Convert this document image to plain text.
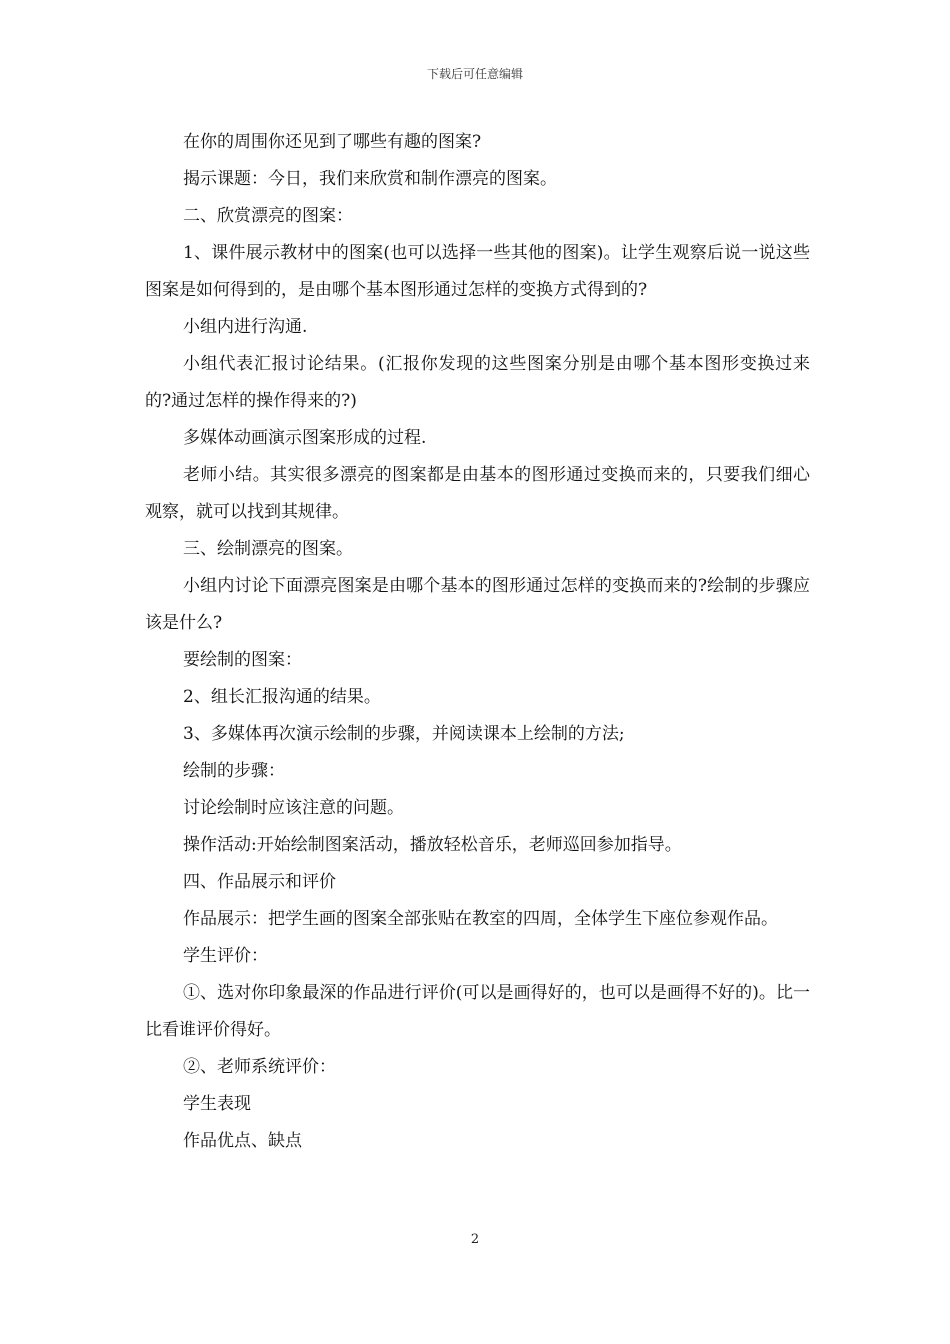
下载后可任意编辑

在你的周围你还见到了哪些有趣的图案?

揭示课题：今日，我们来欣赏和制作漂亮的图案。

二、欣赏漂亮的图案：

1、课件展示教材中的图案(也可以选择一些其他的图案)。让学生观察后说一说这些图案是如何得到的，是由哪个基本图形通过怎样的变换方式得到的?

小组内进行沟通.

小组代表汇报讨论结果。(汇报你发现的这些图案分别是由哪个基本图形变换过来的?通过怎样的操作得来的?)

多媒体动画演示图案形成的过程.

老师小结。其实很多漂亮的图案都是由基本的图形通过变换而来的，只要我们细心观察，就可以找到其规律。

三、绘制漂亮的图案。

小组内讨论下面漂亮图案是由哪个基本的图形通过怎样的变换而来的?绘制的步骤应该是什么?

要绘制的图案：

2、组长汇报沟通的结果。

3、多媒体再次演示绘制的步骤，并阅读课本上绘制的方法;

绘制的步骤：

讨论绘制时应该注意的问题。

操作活动:开始绘制图案活动，播放轻松音乐，老师巡回参加指导。

四、作品展示和评价

作品展示：把学生画的图案全部张贴在教室的四周，全体学生下座位参观作品。

学生评价：

①、选对你印象最深的作品进行评价(可以是画得好的，也可以是画得不好的)。比一比看谁评价得好。

②、老师系统评价：

学生表现

作品优点、缺点

2
